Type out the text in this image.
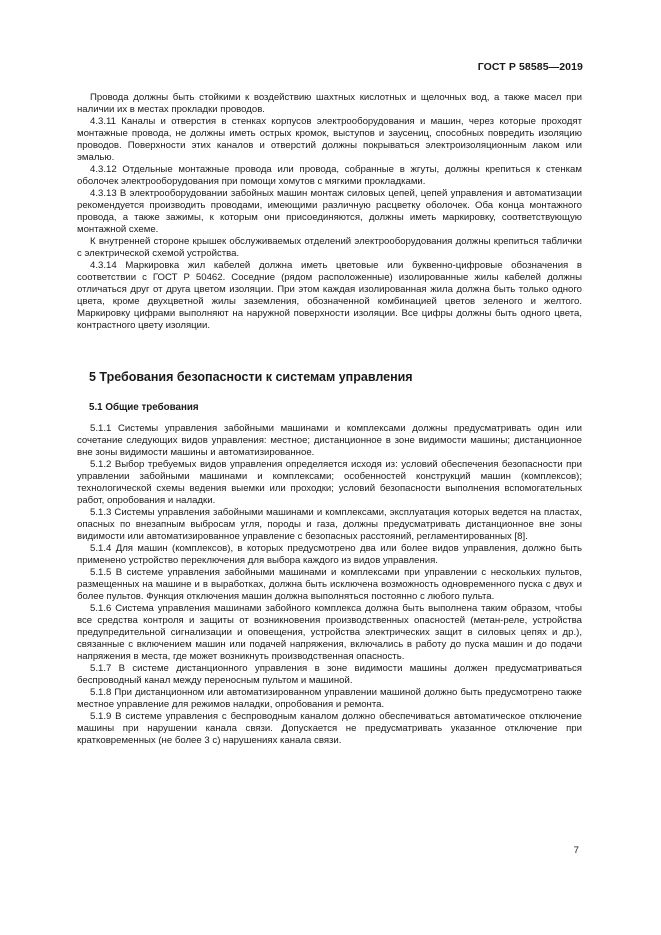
ГОСТ Р 58585—2019

Провода должны быть стойкими к воздействию шахтных кислотных и щелочных вод, а также масел при наличии их в местах прокладки проводов.

4.3.11 Каналы и отверстия в стенках корпусов электрооборудования и машин, через которые проходят монтажные провода, не должны иметь острых кромок, выступов и заусениц, способных повредить изоляцию проводов. Поверхности этих каналов и отверстий должны покрываться электроизоляционным лаком или эмалью.

4.3.12 Отдельные монтажные провода или провода, собранные в жгуты, должны крепиться к стенкам оболочек электрооборудования при помощи хомутов с мягкими прокладками.

4.3.13 В электрооборудовании забойных машин монтаж силовых цепей, цепей управления и автоматизации рекомендуется производить проводами, имеющими различную расцветку оболочек. Оба конца монтажного провода, а также зажимы, к которым они присоединяются, должны иметь маркировку, соответствующую монтажной схеме.

К внутренней стороне крышек обслуживаемых отделений электрооборудования должны крепиться таблички с электрической схемой устройства.

4.3.14 Маркировка жил кабелей должна иметь цветовые или буквенно-цифровые обозначения в соответствии с ГОСТ Р 50462. Соседние (рядом расположенные) изолированные жилы кабелей должны отличаться друг от друга цветом изоляции. При этом каждая изолированная жила должна быть только одного цвета, кроме двухцветной жилы заземления, обозначенной комбинацией цветов зеленого и желтого. Маркировку цифрами выполняют на наружной поверхности изоляции. Все цифры должны быть одного цвета, контрастного цвету изоляции.

5 Требования безопасности к системам управления
5.1 Общие требования

5.1.1 Системы управления забойными машинами и комплексами должны предусматривать один или сочетание следующих видов управления: местное; дистанционное в зоне видимости машины; дистанционное вне зоны видимости машины и автоматизированное.

5.1.2 Выбор требуемых видов управления определяется исходя из: условий обеспечения безопасности при управлении забойными машинами и комплексами; особенностей конструкций машин (комплексов); технологической схемы ведения выемки или проходки; условий безопасности выполнения вспомогательных работ, опробования и наладки.

5.1.3 Системы управления забойными машинами и комплексами, эксплуатация которых ведется на пластах, опасных по внезапным выбросам угля, породы и газа, должны предусматривать дистанционное вне зоны видимости или автоматизированное управление с безопасных расстояний, регламентированных [8].

5.1.4 Для машин (комплексов), в которых предусмотрено два или более видов управления, должно быть применено устройство переключения для выбора каждого из видов управления.

5.1.5 В системе управления забойными машинами и комплексами при управлении с нескольких пультов, размещенных на машине и в выработках, должна быть исключена возможность одновременного пуска с двух и более пультов. Функция отключения машин должна выполняться постоянно с любого пульта.

5.1.6 Система управления машинами забойного комплекса должна быть выполнена таким образом, чтобы все средства контроля и защиты от возникновения производственных опасностей (метан-реле, устройства предупредительной сигнализации и оповещения, устройства электрических защит в силовых цепях и др.), связанные с включением машин или подачей напряжения, включались в работу до пуска машин и до подачи напряжения в места, где может возникнуть производственная опасность.

5.1.7 В системе дистанционного управления в зоне видимости машины должен предусматриваться беспроводный канал между переносным пультом и машиной.

5.1.8 При дистанционном или автоматизированном управлении машиной должно быть предусмотрено также местное управление для режимов наладки, опробования и ремонта.

5.1.9 В системе управления с беспроводным каналом должно обеспечиваться автоматическое отключение машины при нарушении канала связи. Допускается не предусматривать указанное отключение при кратковременных (не более 3 с) нарушениях канала связи.

7
